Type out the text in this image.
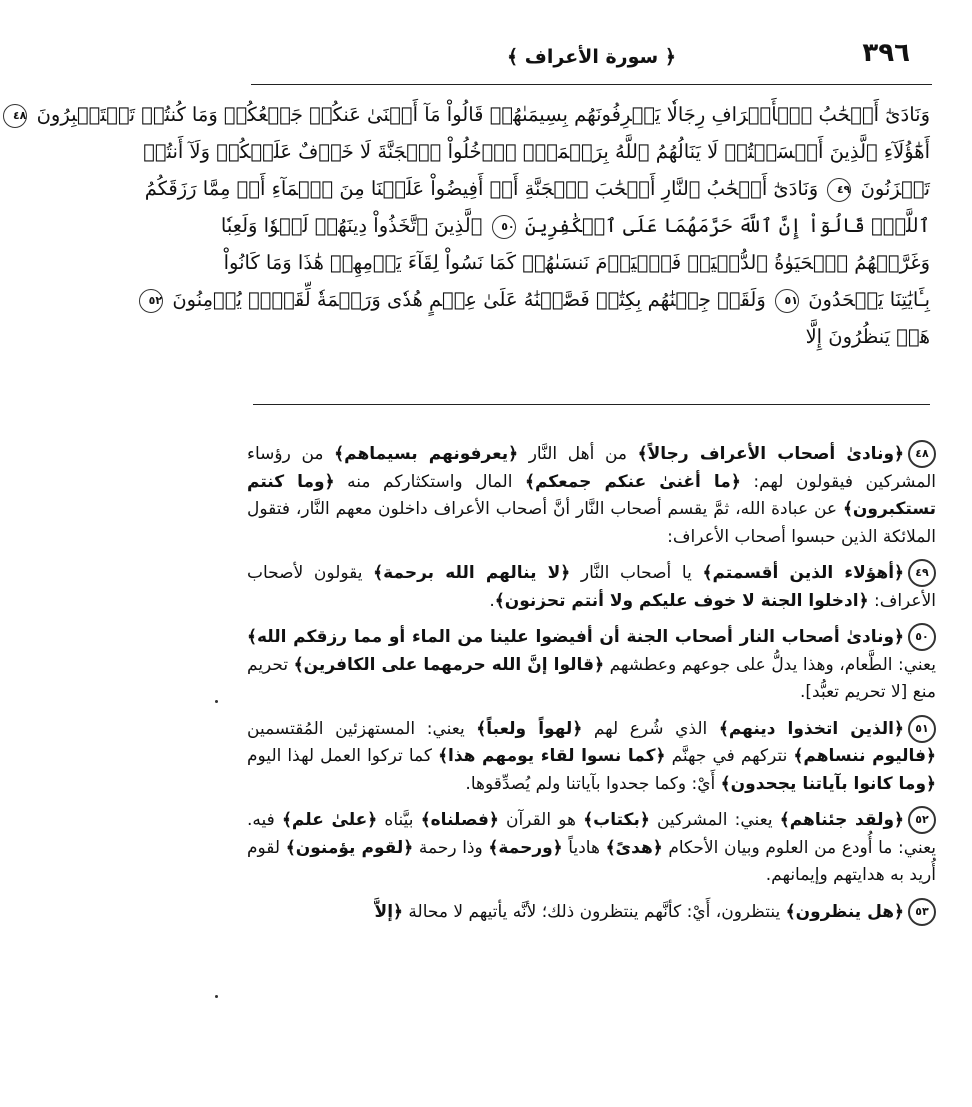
٣٩٦
﴿ سورة الأعراف ﴾
وَنَادَىٰٓ أَصۡحَٰبُ ٱلۡأَعۡرَافِ رِجَالٗا يَعۡرِفُونَهُم بِسِيمَىٰهُمۡ قَالُواْ مَآ أَغۡنَىٰ عَنكُمۡ جَمۡعُكُمۡ وَمَا كُنتُمۡ تَسۡتَكۡبِرُونَ ٤٨
أَهَٰٓؤُلَآءِ ٱلَّذِينَ أَقۡسَمۡتُمۡ لَا يَنَالُهُمُ ٱللَّهُ بِرَحۡمَةٍۚ ٱدۡخُلُواْ ٱلۡجَنَّةَ لَا خَوۡفٌ عَلَيۡكُمۡ وَلَآ أَنتُمۡ
تَحۡزَنُونَ ٤٩ وَنَادَىٰٓ أَصۡحَٰبُ ٱلنَّارِ أَصۡحَٰبَ ٱلۡجَنَّةِ أَنۡ أَفِيضُواْ عَلَيۡنَا مِنَ ٱلۡمَآءِ أَوۡ مِمَّا رَزَقَكُمُ
ٱللَّهُۚ قَالُوٓاْ إِنَّ ٱللَّهَ حَرَّمَهُمَا عَلَى ٱلۡكَٰفِرِينَ ٥٠ ٱلَّذِينَ ٱتَّخَذُواْ دِينَهُمۡ لَهۡوٗا وَلَعِبٗا
وَغَرَّتۡهُمُ ٱلۡحَيَوٰةُ ٱلدُّنۡيَاۚ فَٱلۡيَوۡمَ نَنسَىٰهُمۡ كَمَا نَسُواْ لِقَآءَ يَوۡمِهِمۡ هَٰذَا وَمَا كَانُواْ
بِـَٔايَٰتِنَا يَجۡحَدُونَ ٥١ وَلَقَدۡ جِئۡنَٰهُم بِكِتَٰبٖ فَصَّلۡنَٰهُ عَلَىٰ عِلۡمٍ هُدٗى وَرَحۡمَةٗ لِّقَوۡمٖ يُؤۡمِنُونَ ٥٢
هَلۡ يَنظُرُونَ إِلَّا

٤٨﴿ونادىٰ أصحاب الأعراف رجالاً﴾ من أهل النَّار ﴿يعرفونهم بسيماهم﴾ من رؤساء المشركين فيقولون لهم: ﴿ما أغنىٰ عنكم جمعكم﴾ المال واستكثاركم منه ﴿وما كنتم تستكبرون﴾ عن عبادة الله، ثمَّ يقسم أصحاب النَّار أنَّ أصحاب الأعراف داخلون معهم النَّار، فتقول الملائكة الذين حبسوا أصحاب الأعراف:

٤٩﴿أهؤلاء الذين أقسمتم﴾ يا أصحاب النَّار ﴿لا ينالهم الله برحمة﴾ يقولون لأصحاب الأعراف: ﴿ادخلوا الجنة لا خوف عليكم ولا أنتم تحزنون﴾.

٥٠﴿ونادىٰ أصحاب النار أصحاب الجنة أن أفيضوا علينا من الماء أو مما رزقكم الله﴾ يعني: الطَّعام، وهذا يدلُّ على جوعهم وعطشهم ﴿قالوا إنَّ الله حرمهما على الكافرين﴾ تحريم منع [لا تحريم تعبُّد].

٥١﴿الذين اتخذوا دينهم﴾ الذي شُرع لهم ﴿لهواً ولعباً﴾ يعني: المستهزئين المُقتسمين ﴿فاليوم ننساهم﴾ نتركهم في جهنَّم ﴿كما نسوا لقاء يومهم هذا﴾ كما تركوا العمل لهذا اليوم ﴿وما كانوا بآياتنا يجحدون﴾ أَيْ: وكما جحدوا بآياتنا ولم يُصدِّقوها.

٥٢﴿ولقد جئناهم﴾ يعني: المشركين ﴿بكتاب﴾ هو القرآن ﴿فصلناه﴾ بيَّناه ﴿علىٰ علم﴾ فيه. يعني: ما أُودع من العلوم وبيان الأحكام ﴿هدىً﴾ هادياً ﴿ورحمة﴾ وذا رحمة ﴿لقوم يؤمنون﴾ لقوم أُريد به هدايتهم وإيمانهم.

٥٣﴿هل ينظرون﴾ ينتظرون، أَيْ: كأنَّهم ينتظرون ذلك؛ لأنَّه يأتيهم لا محالة ﴿إلاَّ
